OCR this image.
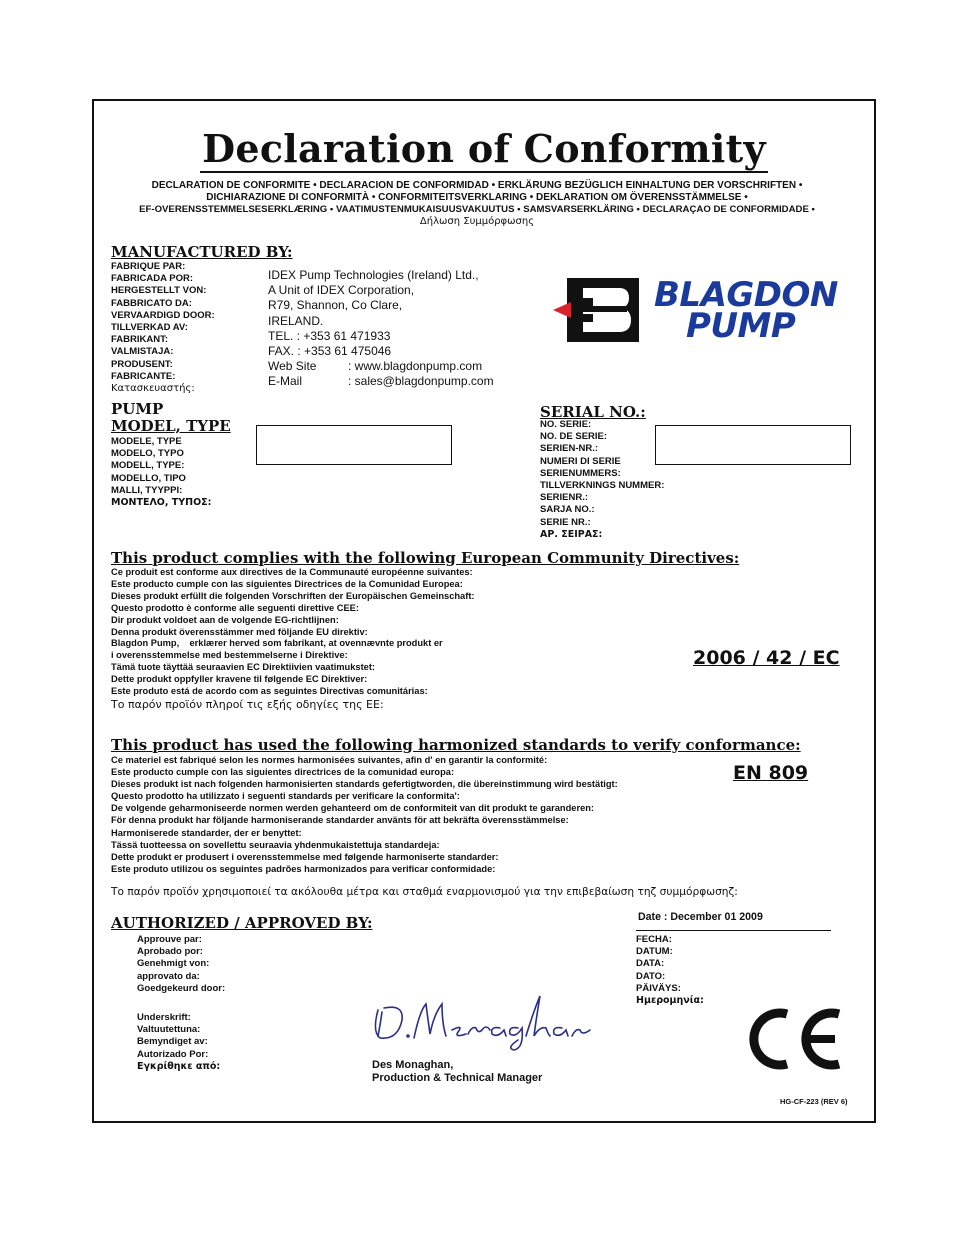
Declaration of Conformity
DECLARATION DE CONFORMITE • DECLARACION DE CONFORMIDAD • ERKLÄRUNG BEZÜGLICH EINHALTUNG DER VORSCHRIFTEN •
DICHIARAZIONE DI CONFORMITÀ • CONFORMITEITSVERKLARING • DEKLARATION OM ÖVERENSSTÄMMELSE •
EF-OVERENSSTEMMELSESERKLÆRING • VAATIMUSTENMUKAISUUSVAKUUTUS • SAMSVARSERKLÄRING • DECLARAÇAO DE CONFORMIDADE •
Δήλωση Συμμόρφωσης
MANUFACTURED BY:
FABRIQUE PAR:
FABRICADA POR:
HERGESTELLT VON:
FABBRICATO DA:
VERVAARDIGD DOOR:
TILLVERKAD AV:
FABRIKANT:
VALMISTAJA:
PRODUSENT:
FABRICANTE:
Κατασκευαστής:
IDEX Pump Technologies (Ireland) Ltd.,
A Unit of IDEX Corporation,
R79, Shannon, Co Clare,
IRELAND.
TEL. : +353 61 471933
FAX. : +353 61 475046
Web Site	: www.blagdonpump.com
E-Mail	: sales@blagdonpump.com
BLAGDON
PUMP
PUMP
MODEL, TYPE
MODELE, TYPE
MODELO, TYPO
MODELL, TYPE:
MODELLO, TIPO
MALLI, TYYPPI:
ΜΟΝΤΕΛΟ, ΤΥΠΟΣ:
SERIAL NO.:
NO. SERIE:
NO. DE SERIE:
SERIEN-NR.:
NUMERI DI SERIE
SERIENUMMERS:
TILLVERKNINGS NUMMER:
SERIENR.:
SARJA NO.:
SERIE NR.:
ΑΡ. ΣΕΙΡΑΣ:
This product complies with the following European Community Directives:
Ce produit est conforme aux directives de la Communauté européenne suivantes:
Este producto cumple con las siguientes Directrices de la Comunidad Europea:
Dieses produkt erfüllt die folgenden Vorschriften der Europäischen Gemeinschaft:
Questo prodotto è conforme alle seguenti direttive CEE:
Dir produkt voldoet aan de volgende EG-richtlijnen:
Denna produkt överensstämmer med följande EU direktiv:
Blagdon Pump,    erklærer herved som fabrikant, at ovennævnte produkt er
i overensstemmelse med bestemmelserne i Direktive:
Tämä tuote täyttää seuraavien EC Direktiivien vaatimukstet:
Dette produkt oppfyller kravene til følgende EC Direktiver:
Este produto está de acordo com as seguintes Directivas comunitárias:
Το παρόν προϊόν πληροί τις εξής οδηγίες της ΕΕ:
2006 / 42 / EC
This product has used the following harmonized standards to verify conformance:
Ce materiel est fabriqué selon les normes harmonisées suivantes, afin d' en garantir la conformité:
Este producto cumple con las siguientes directrices de la comunidad europa:
Dieses produkt ist nach folgenden harmonisierten standards gefertigtworden, die übereinstimmung wird bestätigt:
Questo prodotto ha utilizzato i seguenti standards per verificare la conformita':
De volgende geharmoniseerde normen werden gehanteerd om de conformiteit van dit produkt te garanderen:
För denna produkt har följande harmoniserande standarder använts för att bekräfta överensstämmelse:
Harmoniserede standarder, der er benyttet:
Tässä tuotteessa on sovellettu seuraavia yhdenmukaistettuja standardeja:
Dette produkt er produsert i overensstemmelse med følgende harmoniserte standarder:
Este produto utilizou os seguintes padrões harmonizados para verificar conformidade:
Το παρόν προϊόν χρησιμοποιεί τα ακόλουθα μέτρα και σταθμά εναρμονισμού για την επιβεβαίωση τηζ συμμόρφωσηζ:
EN 809
AUTHORIZED / APPROVED BY:
Approuve par:
Aprobado por:
Genehmigt von:
approvato da:
Goedgekeurd door:
Underskrift:
Valtuutettuna:
Bemyndiget av:
Autorizado Por:
Εγκρίθηκε από:	Des Monaghan,
Production & Technical Manager
Date : December 01 2009
FECHA:
DATUM:
DATA:
DATO:
PÄIVÄYS:
Ημερομηνία:
HG-CF-223 (REV 6)
